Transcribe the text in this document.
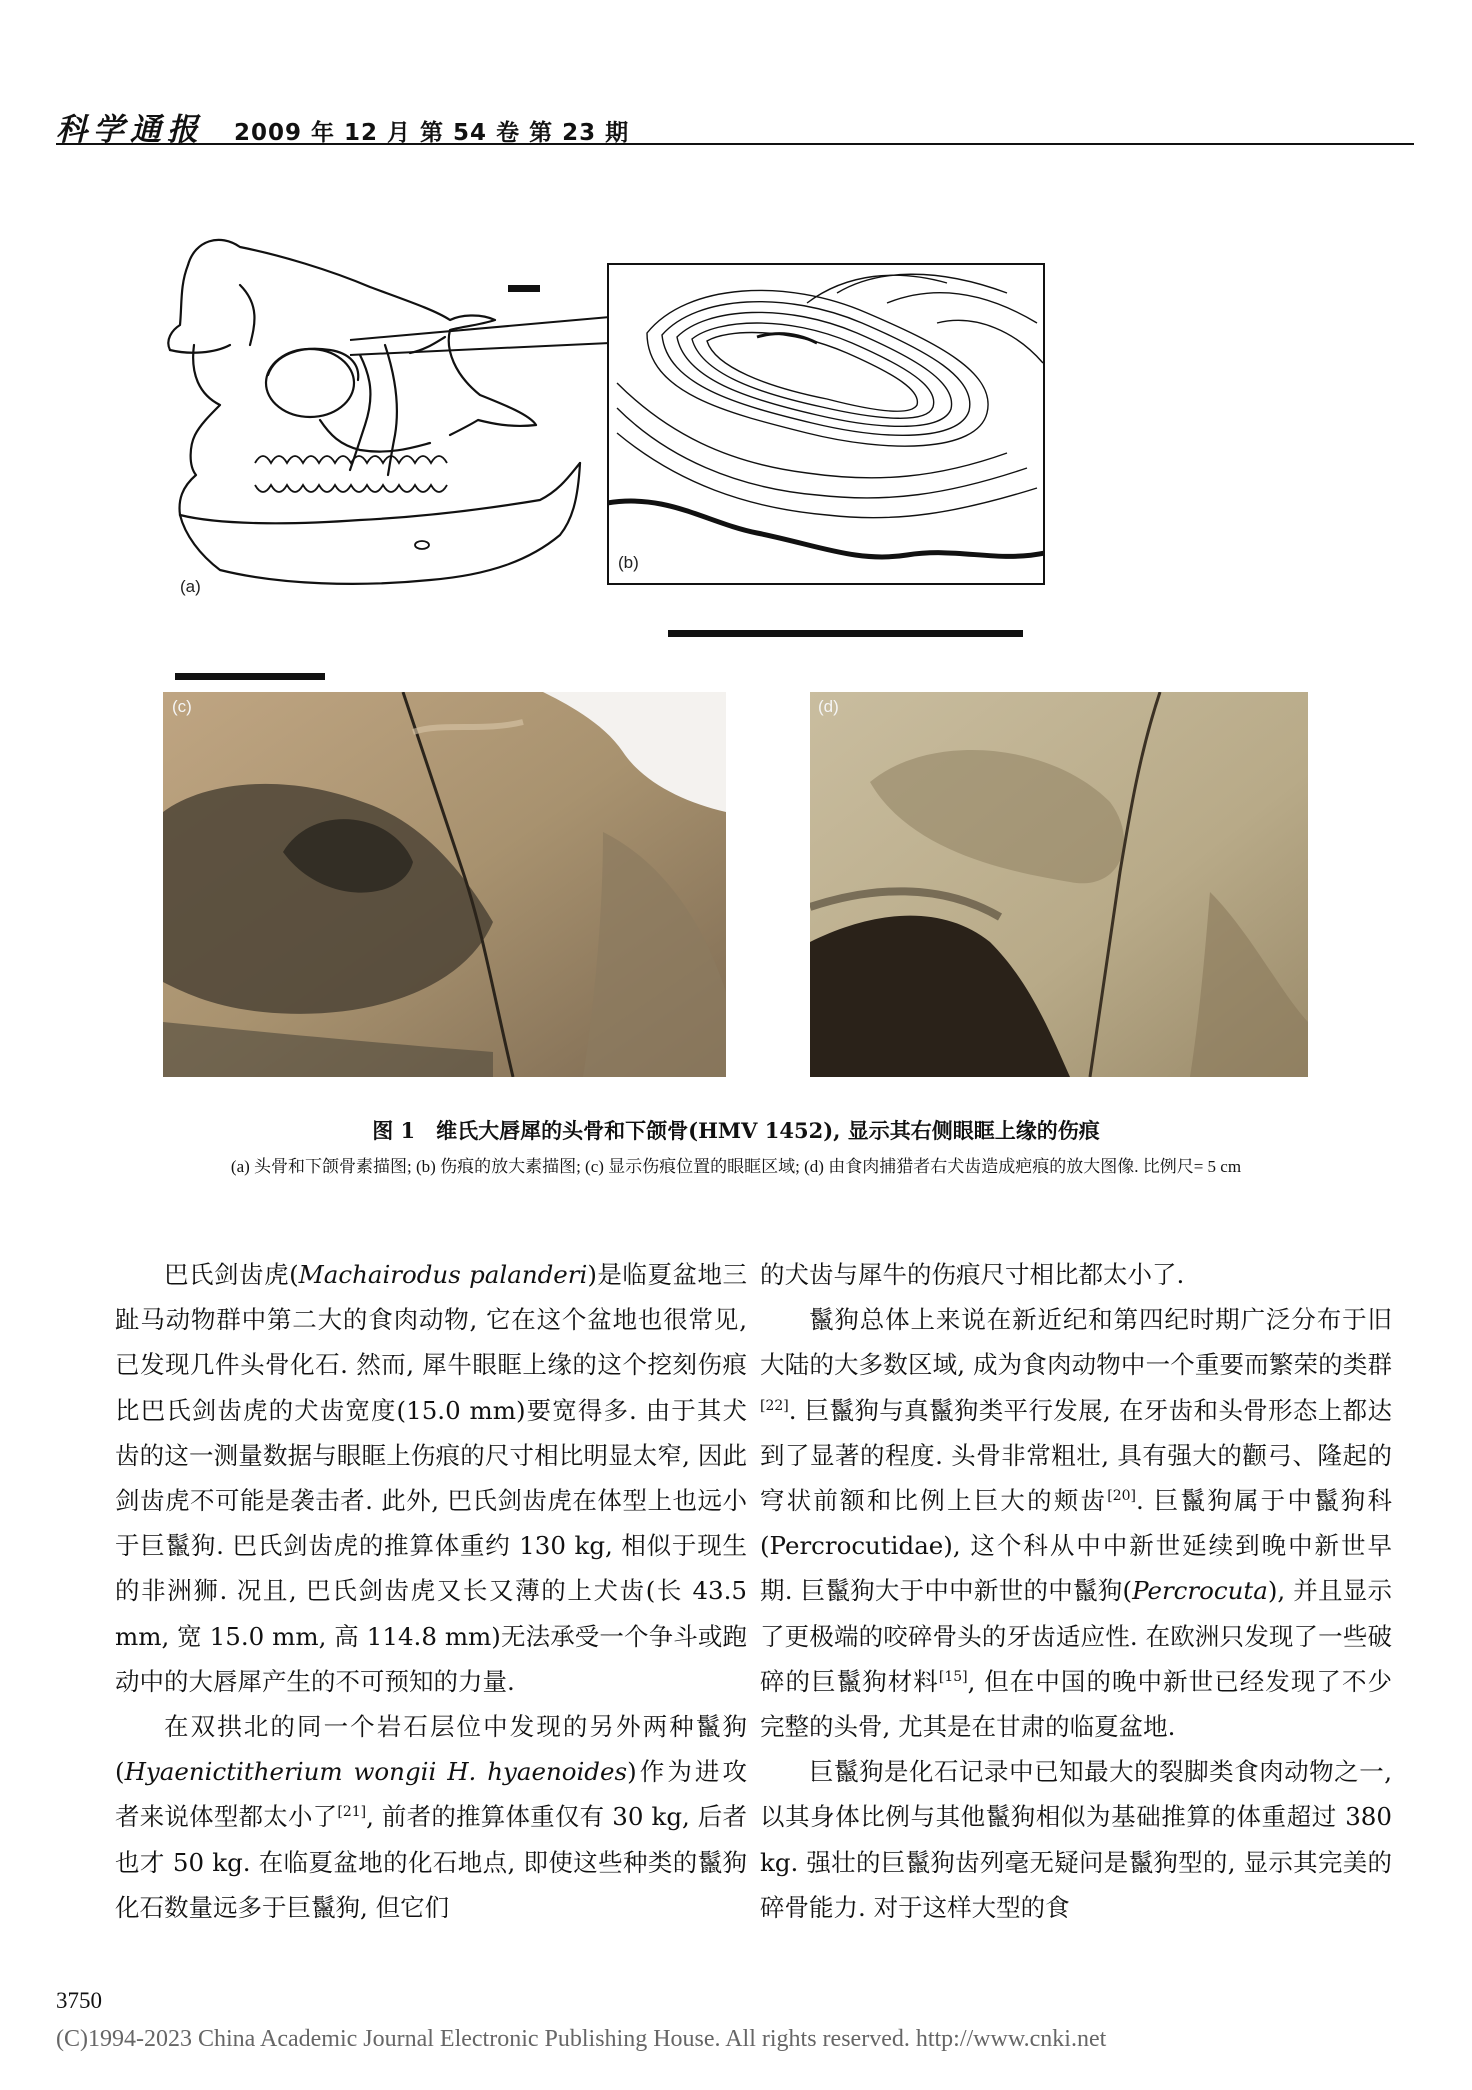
科学通报 2009 年 12 月 第 54 卷 第 23 期
(a)
(b)
(c)	(d)
图 1　维氏大唇犀的头骨和下颌骨(HMV 1452), 显示其右侧眼眶上缘的伤痕
(a) 头骨和下颌骨素描图; (b) 伤痕的放大素描图; (c) 显示伤痕位置的眼眶区域; (d) 由食肉捕猎者右犬齿造成疤痕的放大图像. 比例尺= 5 cm

巴氏剑齿虎(Machairodus palanderi)是临夏盆地三趾马动物群中第二大的食肉动物, 它在这个盆地也很常见, 已发现几件头骨化石. 然而, 犀牛眼眶上缘的这个挖刻伤痕比巴氏剑齿虎的犬齿宽度(15.0 mm)要宽得多. 由于其犬齿的这一测量数据与眼眶上伤痕的尺寸相比明显太窄, 因此剑齿虎不可能是袭击者. 此外, 巴氏剑齿虎在体型上也远小于巨鬣狗. 巴氏剑齿虎的推算体重约 130 kg, 相似于现生的非洲狮. 况且, 巴氏剑齿虎又长又薄的上犬齿(长 43.5 mm, 宽 15.0 mm, 高 114.8 mm)无法承受一个争斗或跑动中的大唇犀产生的不可预知的力量.

在双拱北的同一个岩石层位中发现的另外两种鬣狗(Hyaenictitherium wongii H. hyaenoides)作为进攻者来说体型都太小了[21], 前者的推算体重仅有 30 kg, 后者也才 50 kg. 在临夏盆地的化石地点, 即使这些种类的鬣狗化石数量远多于巨鬣狗, 但它们

的犬齿与犀牛的伤痕尺寸相比都太小了.

鬣狗总体上来说在新近纪和第四纪时期广泛分布于旧大陆的大多数区域, 成为食肉动物中一个重要而繁荣的类群[22]. 巨鬣狗与真鬣狗类平行发展, 在牙齿和头骨形态上都达到了显著的程度. 头骨非常粗壮, 具有强大的颧弓、隆起的穹状前额和比例上巨大的颊齿[20]. 巨鬣狗属于中鬣狗科(Percrocutidae), 这个科从中中新世延续到晚中新世早期. 巨鬣狗大于中中新世的中鬣狗(Percrocuta), 并且显示了更极端的咬碎骨头的牙齿适应性. 在欧洲只发现了一些破碎的巨鬣狗材料[15], 但在中国的晚中新世已经发现了不少完整的头骨, 尤其是在甘肃的临夏盆地.

巨鬣狗是化石记录中已知最大的裂脚类食肉动物之一, 以其身体比例与其他鬣狗相似为基础推算的体重超过 380 kg. 强壮的巨鬣狗齿列毫无疑问是鬣狗型的, 显示其完美的碎骨能力. 对于这样大型的食

3750
(C)1994-2023 China Academic Journal Electronic Publishing House. All rights reserved. http://www.cnki.net
